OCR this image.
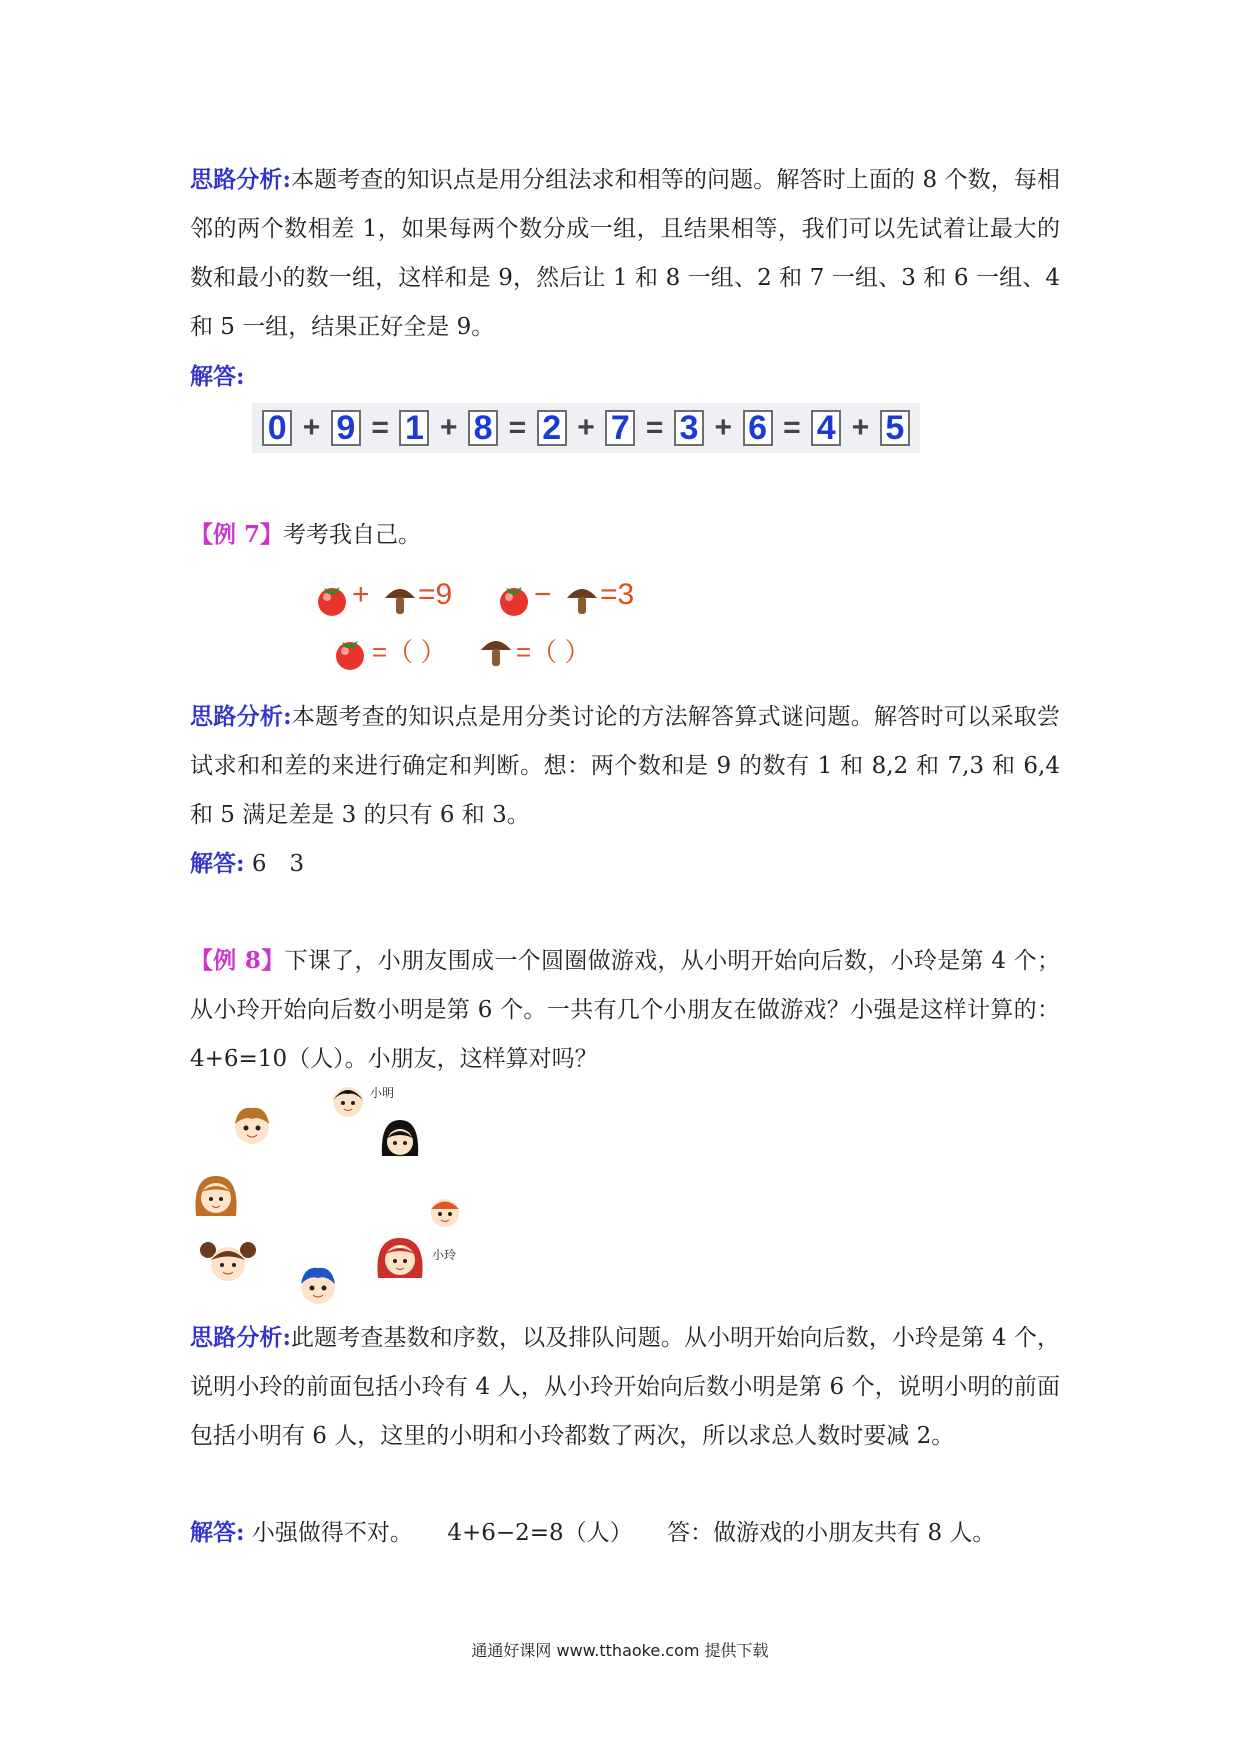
思路分析:本题考查的知识点是用分组法求和相等的问题。解答时上面的 8 个数，每相邻的两个数相差 1，如果每两个数分成一组，且结果相等，我们可以先试着让最大的数和最小的数一组，这样和是 9，然后让 1 和 8 一组、2 和 7 一组、3 和 6 一组、4 和 5 一组，结果正好全是 9。

解答:

0 + 9 = 1 + 8 = 2 + 7 = 3 + 6 = 4 + 5

【例 7】考考我自己。

+ =9	− =3
=（ ）	=（ ）

思路分析:本题考查的知识点是用分类讨论的方法解答算式谜问题。解答时可以采取尝试求和和差的来进行确定和判断。想：两个数和是 9 的数有 1 和 8,2 和 7,3 和 6,4 和 5 满足差是 3 的只有 6 和 3。

解答: 6　3

【例 8】下课了，小朋友围成一个圆圈做游戏，从小明开始向后数，小玲是第 4 个；从小玲开始向后数小明是第 6 个。一共有几个小朋友在做游戏？小强是这样计算的：4+6=10（人）。小朋友，这样算对吗？

小明
小玲

思路分析:此题考查基数和序数，以及排队问题。从小明开始向后数，小玲是第 4 个，说明小玲的前面包括小玲有 4 人，从小玲开始向后数小明是第 6 个，说明小明的前面包括小明有 6 人，这里的小明和小玲都数了两次，所以求总人数时要减 2。

解答: 小强做得不对。　　4+6−2=8（人）　　答：做游戏的小朋友共有 8 人。

通通好课网 www.tthaoke.com 提供下载
